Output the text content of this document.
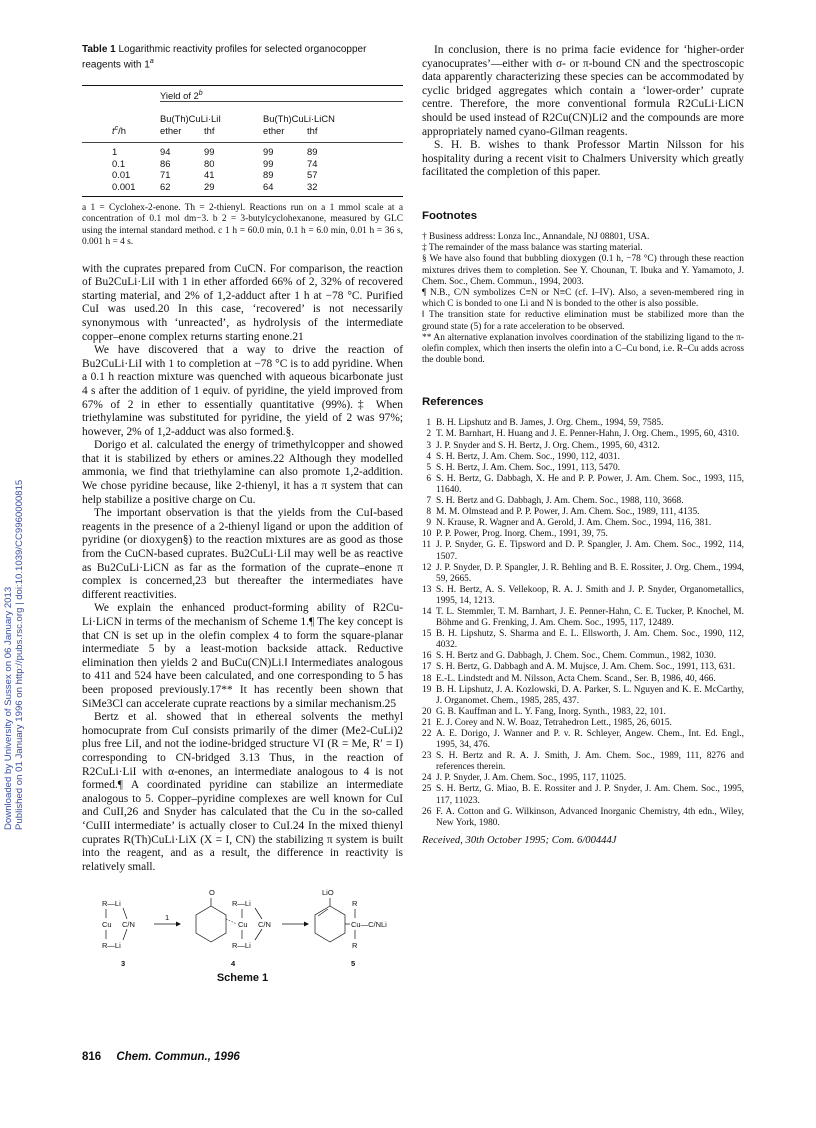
Downloaded by University of Sussex on 06 January 2013 Published on 01 January 1996 on http://pubs.rsc.org | doi:10.1039/CC9960000815
Table 1 Logarithmic reactivity profiles for selected organocopper reagents with 1$^a$
	Yield of 2$^b$

	Bu(Th)CuLi·LiI		Bu(Th)CuLi·LiCN	
$t^c/h$	ether	thf	ether	thf

1	94	99	99	89
0.1	86	80	99	74
0.01	71	41	89	57
0.001	62	29	64	32

a 1 = Cyclohex-2-enone. Th = 2-thienyl. Reactions run on a 1 mmol scale at a concentration of 0.1 mol dm−3. b 2 = 3-butylcyclohexanone, measured by GLC using the internal standard method. c 1 h = 60.0 min, 0.1 h = 6.0 min, 0.01 h = 36 s, 0.001 h = 4 s.

with the cuprates prepared from CuCN. For comparison, the reaction of Bu2CuLi·LiI with 1 in ether afforded 66% of 2, 32% of recovered starting material, and 2% of 1,2-adduct after 1 h at −78 °C. Purified CuI was used.20 In this case, ‘recovered’ is not necessarily synonymous with ‘unreacted’, as hydrolysis of the intermediate copper–enone complex returns starting enone.21

We have discovered that a way to drive the reaction of Bu2CuLi·LiI with 1 to completion at −78 °C is to add pyridine. When a 0.1 h reaction mixture was quenched with aqueous bicarbonate just 4 s after the addition of 1 equiv. of pyridine, the yield improved from 67% of 2 in ether to essentially quantitative (99%).‡ When triethylamine was substituted for pyridine, the yield of 2 was 97%; however, 2% of 1,2-adduct was also formed.§.

Dorigo et al. calculated the energy of trimethylcopper and showed that it is stabilized by ethers or amines.22 Although they modelled ammonia, we find that triethylamine can also promote 1,2-addition. We chose pyridine because, like 2-thienyl, it has a π system that can help stabilize a positive charge on Cu.

The important observation is that the yields from the CuI-based reagents in the presence of a 2-thienyl ligand or upon the addition of pyridine (or dioxygen§) to the reaction mixtures are as good as those from the CuCN-based cuprates. Bu2CuLi·LiI may well be as reactive as Bu2CuLi·LiCN as far as the formation of the cuprate–enone π complex is concerned,23 but thereafter the intermediates have different reactivities.

We explain the enhanced product-forming ability of R2Cu-Li·LiCN in terms of the mechanism of Scheme 1.¶ The key concept is that CN is set up in the olefin complex 4 to form the square-planar intermediate 5 by a least-motion backside attack. Reductive elimination then yields 2 and BuCu(CN)Li.‖ Intermediates analogous to 411 and 524 have been calculated, and one corresponding to 5 has been proposed previously.17** It has recently been shown that SiMe3Cl can accelerate cuprate reactions by a similar mechanism.25

Bertz et al. showed that in ethereal solvents the methyl homocuprate from CuI consists primarily of the dimer (Me2-CuLi)2 plus free LiI, and not the iodine-bridged structure VI (R = Me, R′ = I) corresponding to CN-bridged 3.13 Thus, in the reaction of R2CuLi·LiI with α-enones, an intermediate analogous to 4 is not formed.¶ A coordinated pyridine can stabilize an intermediate analogous to 5. Copper–pyridine complexes are well known for CuI and CuII,26 and Snyder has calculated that the Cu in the so-called ‘CuIII intermediate’ is actually closer to CuI.24 In the mixed thienyl cuprates R(Th)CuLi·LiX (X = I, CN) the stabilizing π system is built into the reagent, and as a result, the difference in reactivity is relatively small.

R—Li
Cu C/N
R—Li
3
1
O
R—Li
Cu C/N
R—Li
4
LiO
R
Cu—C/NLi
R
5
Scheme 1

In conclusion, there is no prima facie evidence for ‘higher-order cyanocuprates’—either with σ- or π-bound CN and the spectroscopic data apparently characterizing these species can be accommodated by cyclic bridged aggregates which contain a ‘lower-order’ cuprate centre. Therefore, the more conventional formula R2CuLi·LiCN should be used instead of R2Cu(CN)Li2 and the compounds are more appropriately named cyano-Gilman reagents.

S. H. B. wishes to thank Professor Martin Nilsson for his hospitality during a recent visit to Chalmers University which greatly facilitated the completion of this paper.

Footnotes

† Business address: Lonza Inc., Annandale, NJ 08801, USA.

‡ The remainder of the mass balance was starting material.

§ We have also found that bubbling dioxygen (0.1 h, −78 °C) through these reaction mixtures drives them to completion. See Y. Chounan, T. Ibuka and Y. Yamamoto, J. Chem. Soc., Chem. Commun., 1994, 2003.

¶ N.B., C/N symbolizes C≡N or N≡C (cf. I–IV). Also, a seven-membered ring in which C is bonded to one Li and N is bonded to the other is also possible.

‖ The transition state for reductive elimination must be stabilized more than the ground state (5) for a rate acceleration to be observed.

** An alternative explanation involves coordination of the stabilizing ligand to the π-olefin complex, which then inserts the olefin into a C–Cu bond, i.e. R–Cu adds across the double bond.

References
1 B. H. Lipshutz and B. James, J. Org. Chem., 1994, 59, 7585.
2 T. M. Barnhart, H. Huang and J. E. Penner-Hahn, J. Org. Chem., 1995, 60, 4310.
3 J. P. Snyder and S. H. Bertz, J. Org. Chem., 1995, 60, 4312.
4 S. H. Bertz, J. Am. Chem. Soc., 1990, 112, 4031.
5 S. H. Bertz, J. Am. Chem. Soc., 1991, 113, 5470.
6 S. H. Bertz, G. Dabbagh, X. He and P. P. Power, J. Am. Chem. Soc., 1993, 115, 11640.
7 S. H. Bertz and G. Dabbagh, J. Am. Chem. Soc., 1988, 110, 3668.
8 M. M. Olmstead and P. P. Power, J. Am. Chem. Soc., 1989, 111, 4135.
9 N. Krause, R. Wagner and A. Gerold, J. Am. Chem. Soc., 1994, 116, 381.
10 P. P. Power, Prog. Inorg. Chem., 1991, 39, 75.
11 J. P. Snyder, G. E. Tipsword and D. P. Spangler, J. Am. Chem. Soc., 1992, 114, 1507.
12 J. P. Snyder, D. P. Spangler, J. R. Behling and B. E. Rossiter, J. Org. Chem., 1994, 59, 2665.
13 S. H. Bertz, A. S. Vellekoop, R. A. J. Smith and J. P. Snyder, Organometallics, 1995, 14, 1213.
14 T. L. Stemmler, T. M. Barnhart, J. E. Penner-Hahn, C. E. Tucker, P. Knochel, M. Böhme and G. Frenking, J. Am. Chem. Soc., 1995, 117, 12489.
15 B. H. Lipshutz, S. Sharma and E. L. Ellsworth, J. Am. Chem. Soc., 1990, 112, 4032.
16 S. H. Bertz and G. Dabbagh, J. Chem. Soc., Chem. Commun., 1982, 1030.
17 S. H. Bertz, G. Dabbagh and A. M. Mujsce, J. Am. Chem. Soc., 1991, 113, 631.
18 E.-L. Lindstedt and M. Nilsson, Acta Chem. Scand., Ser. B, 1986, 40, 466.
19 B. H. Lipshutz, J. A. Kozlowski, D. A. Parker, S. L. Nguyen and K. E. McCarthy, J. Organomet. Chem., 1985, 285, 437.
20 G. B. Kauffman and L. Y. Fang, Inorg. Synth., 1983, 22, 101.
21 E. J. Corey and N. W. Boaz, Tetrahedron Lett., 1985, 26, 6015.
22 A. E. Dorigo, J. Wanner and P. v. R. Schleyer, Angew. Chem., Int. Ed. Engl., 1995, 34, 476.
23 S. H. Bertz and R. A. J. Smith, J. Am. Chem. Soc., 1989, 111, 8276 and references therein.
24 J. P. Snyder, J. Am. Chem. Soc., 1995, 117, 11025.
25 S. H. Bertz, G. Miao, B. E. Rossiter and J. P. Snyder, J. Am. Chem. Soc., 1995, 117, 11023.
26 F. A. Cotton and G. Wilkinson, Advanced Inorganic Chemistry, 4th edn., Wiley, New York, 1980.

Received, 30th October 1995; Com. 6/00444J

816 Chem. Commun., 1996
